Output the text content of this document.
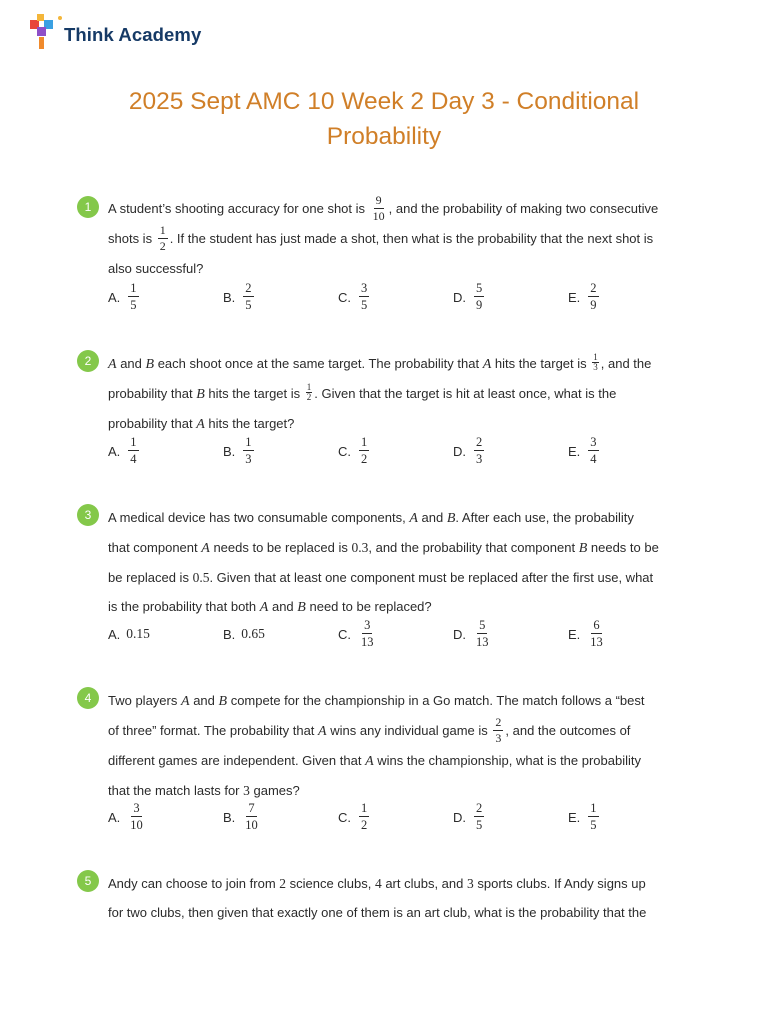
Think Academy
2025 Sept AMC 10 Week 2 Day 3 - Conditional
Probability
1	A student’s shooting accuracy for one shot is $\frac{9}{10}$ , and the probability of making two consecutive

shots is $\frac{1}{2}$ . If the student has just made a shot, then what is the probability that the next shot is

also successful?

A. $\frac{1}{5}$	B. $\frac{2}{5}$	C. $\frac{3}{5}$	D. $\frac{5}{9}$	E. $\frac{2}{9}$
2	A and B each shoot once at the same target. The probability that A hits the target is $\frac{1}{3}$ , and the

probability that B hits the target is $\frac{1}{2}$ . Given that the target is hit at least once, what is the

probability that A hits the target?

A. $\frac{1}{4}$	B. $\frac{1}{3}$	C. $\frac{1}{2}$	D. $\frac{2}{3}$	E. $\frac{3}{4}$
3	A medical device has two consumable components, A and B. After each use, the probability

that component A needs to be replaced is 0.3, and the probability that component B needs to be

be replaced is 0.5. Given that at least one component must be replaced after the first use, what

is the probability that both A and B need to be replaced?

A. 0.15	B. 0.65	C. $\frac{3}{13}$	D. $\frac{5}{13}$	E. $\frac{6}{13}$
4	Two players A and B compete for the championship in a Go match. The match follows a “best

of three” format. The probability that A wins any individual game is $\frac{2}{3}$ , and the outcomes of

different games are independent. Given that A wins the championship, what is the probability

that the match lasts for 3 games?

A. $\frac{3}{10}$	B. $\frac{7}{10}$	C. $\frac{1}{2}$	D. $\frac{2}{5}$	E. $\frac{1}{5}$
5	Andy can choose to join from 2 science clubs, 4 art clubs, and 3 sports clubs. If Andy signs up

for two clubs, then given that exactly one of them is an art club, what is the probability that the
